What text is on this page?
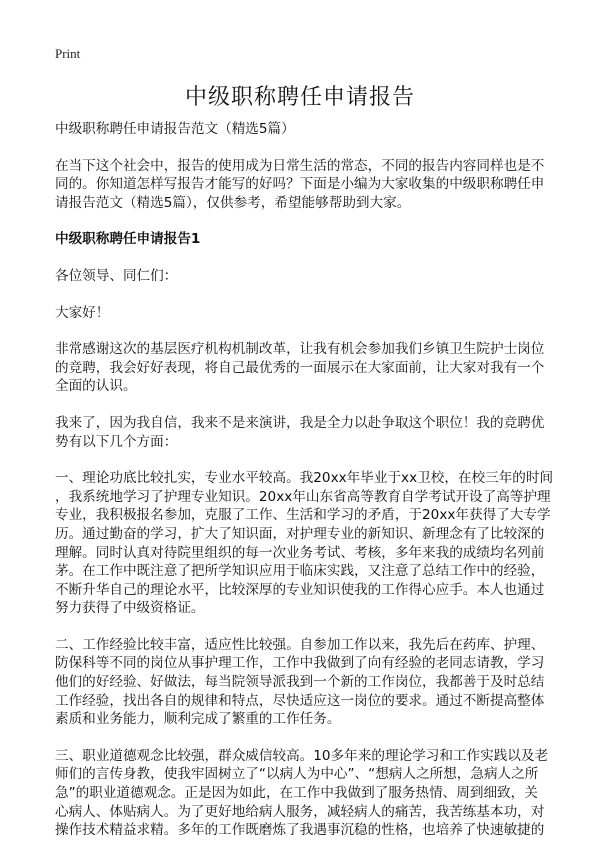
Print
中级职称聘任申请报告

中级职称聘任申请报告范文（精选5篇）

在当下这个社会中，报告的使用成为日常生活的常态，不同的报告内容同样也是不
同的。你知道怎样写报告才能写的好吗？下面是小编为大家收集的中级职称聘任申
请报告范文（精选5篇），仅供参考，希望能够帮助到大家。

中级职称聘任申请报告1

各位领导、同仁们：

大家好！

非常感谢这次的基层医疗机构机制改革，让我有机会参加我们乡镇卫生院护士岗位
的竞聘，我会好好表现，将自己最优秀的一面展示在大家面前，让大家对我有一个
全面的认识。

我来了，因为我自信，我来不是来演讲，我是全力以赴争取这个职位！我的竞聘优
势有以下几个方面：

一、理论功底比较扎实，专业水平较高。我20xx年毕业于xx卫校，在校三年的时间
，我系统地学习了护理专业知识。20xx年山东省高等教育自学考试开设了高等护理
专业，我积极报名参加，克服了工作、生活和学习的矛盾，于20xx年获得了大专学
历。通过勤奋的学习，扩大了知识面，对护理专业的新知识、新理念有了比较深的
理解。同时认真对待院里组织的每一次业务考试、考核，多年来我的成绩均名列前
茅。在工作中既注意了把所学知识应用于临床实践，又注意了总结工作中的经验，
不断升华自己的理论水平，比较深厚的专业知识使我的工作得心应手。本人也通过
努力获得了中级资格证。

二、工作经验比较丰富，适应性比较强。自参加工作以来，我先后在药库、护理、
防保科等不同的岗位从事护理工作，工作中我做到了向有经验的老同志请教，学习
他们的好经验、好做法，每当院领导派我到一个新的工作岗位，我都善于及时总结
工作经验，找出各自的规律和特点，尽快适应这一岗位的要求。通过不断提高整体
素质和业务能力，顺利完成了繁重的工作任务。

三、职业道德观念比较强，群众威信较高。10多年来的理论学习和工作实践以及老
师们的言传身教，使我牢固树立了“以病人为中心”、“想病人之所想，急病人之所
急”的职业道德观念。正是因为如此，在工作中我做到了服务热情、周到细致，关
心病人、体贴病人。为了更好地给病人服务，减轻病人的痛苦，我苦练基本功，对
操作技术精益求精。多年的工作既磨炼了我遇事沉稳的性格，也培养了快速敏捷的
